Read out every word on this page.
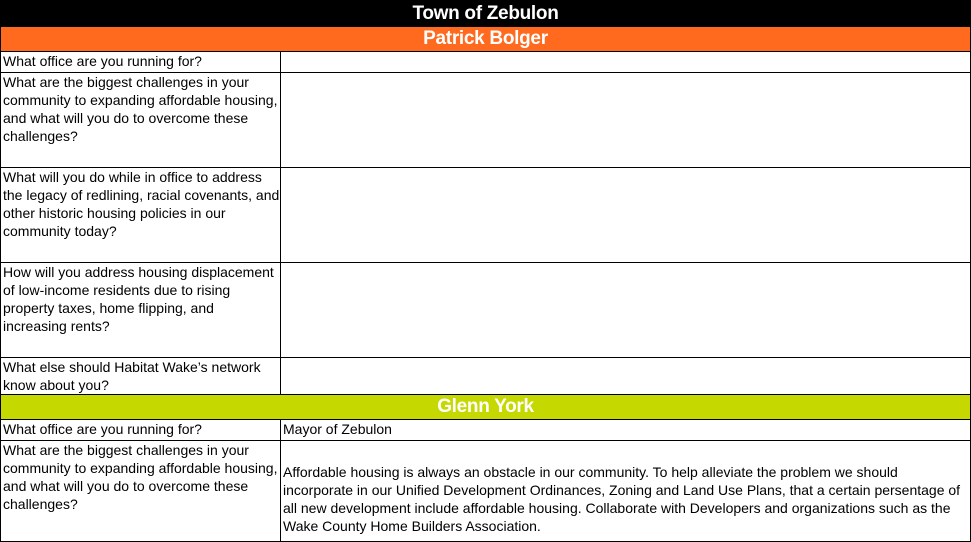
Town of Zebulon	
Patrick Bolger	
What office are you running for?	
What are the biggest challenges in your community to expanding affordable housing, and what will you do to overcome these challenges?	
What will you do while in office to address the legacy of redlining, racial covenants, and other historic housing policies in our community today?	
How will you address housing displacement of low-income residents due to rising property taxes, home flipping, and increasing rents?	
What else should Habitat Wake’s network know about you?	
Glenn York	
What office are you running for?	Mayor of Zebulon
What are the biggest challenges in your community to expanding affordable housing, and what will you do to overcome these challenges?	Affordable housing is always an obstacle in our community. To help alleviate the problem we should incorporate in our Unified Development Ordinances, Zoning and Land Use Plans, that a certain persentage of all new development include affordable housing. Collaborate with Developers and organizations such as the Wake County Home Builders Association.
